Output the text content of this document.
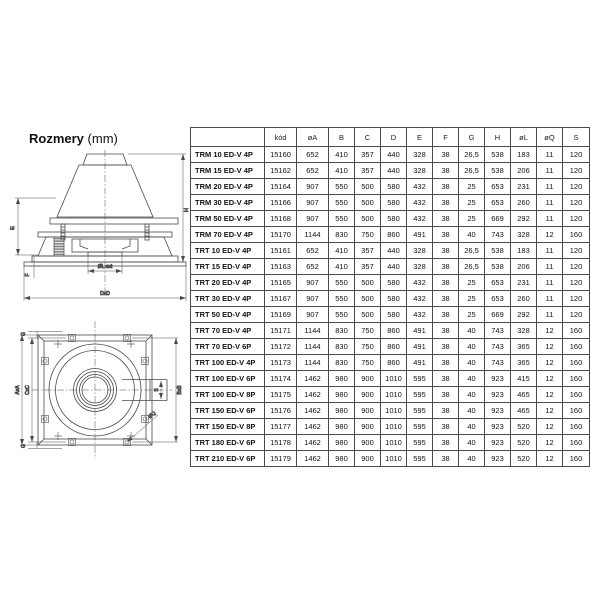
Rozmery (mm)
E
F
H
ØL ext
DxD
S
AxA CxC
G
G
BxB
ØQ
	kód	øA	B	C	D	E	F	G	H	øL	øQ	S
TRM 10 ED-V 4P	15160	652	410	357	440	328	38	26,5	538	183	11	120
TRM 15 ED-V 4P	15162	652	410	357	440	328	38	26,5	538	206	11	120
TRM 20 ED-V 4P	15164	907	550	500	580	432	38	25	653	231	11	120
TRM 30 ED-V 4P	15166	907	550	500	580	432	38	25	653	260	11	120
TRM 50 ED-V 4P	15168	907	550	500	580	432	38	25	669	292	11	120
TRM 70 ED-V 4P	15170	1144	830	750	860	491	38	40	743	328	12	160
TRT 10 ED-V 4P	15161	652	410	357	440	328	38	26,5	538	183	11	120
TRT 15 ED-V 4P	15163	652	410	357	440	328	38	26,5	538	206	11	120
TRT 20 ED-V 4P	15165	907	550	500	580	432	38	25	653	231	11	120
TRT 30 ED-V 4P	15167	907	550	500	580	432	38	25	653	260	11	120
TRT 50 ED-V 4P	15169	907	550	500	580	432	38	25	669	292	11	120
TRT 70 ED-V 4P	15171	1144	830	750	860	491	38	40	743	328	12	160
TRT 70 ED-V 6P	15172	1144	830	750	860	491	38	40	743	365	12	160
TRT 100 ED-V 4P	15173	1144	830	750	860	491	38	40	743	365	12	160
TRT 100 ED-V 6P	15174	1462	980	900	1010	595	38	40	923	415	12	160
TRT 100 ED-V 8P	15175	1462	980	900	1010	595	38	40	923	465	12	160
TRT 150 ED-V 6P	15176	1462	980	900	1010	595	38	40	923	465	12	160
TRT 150 ED-V 8P	15177	1462	980	900	1010	595	38	40	923	520	12	160
TRT 180 ED-V 6P	15178	1462	980	900	1010	595	38	40	923	520	12	160
TRT 210 ED-V 6P	15179	1462	980	900	1010	595	38	40	923	520	12	160
